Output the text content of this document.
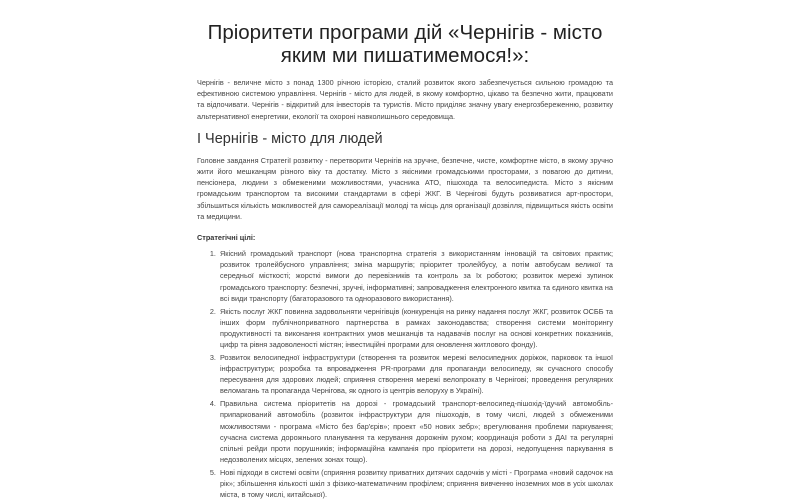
Пріоритети програми дій «Чернігів - місто яким ми пишатимемося!»:

Чернігів - величне місто з понад 1300 річною історією, сталий розвиток якого забезпечується сильною громадою та ефективною системою управління. Чернігів - місто для людей, в якому комфортно, цікаво та безпечно жити, працювати та відпочивати. Чернігів - відкритий для інвесторів та туристів. Місто приділяє значну увагу енергозбереженню, розвитку альтернативної енергетики, екології та охороні навколишнього середовища.

І Чернігів - місто для людей

Головне завдання Стратегії розвитку - перетворити Чернігів на зручне, безпечне, чисте, комфортне місто, в якому зручно жити його мешканцям різного віку та достатку. Місто з якісними громадськими просторами, з повагою до дитини, пенсіонера, людини з обмеженими можливостями, учасника АТО, пішохода та велосипедиста. Місто з якісним громадським транспортом та високими стандартами в сфері ЖКГ. В Чернігові будуть розвиватися арт-простори, збільшиться кількість можливостей для самореалізації молоді та місць для організації дозвілля, підвищиться якість освіти та медицини.

Стратегічні цілі:

1. Якісний громадський транспорт (нова транспортна стратегія з використанням інновацій та світових практик; розвиток тролейбусного управління; зміна маршрутів; пріоритет тролейбусу, а потім автобусам великої та середньої місткості; жорсткі вимоги до перевізників та контроль за їх роботою; розвиток мережі зупинок громадського транспорту: безпечні, зручні, інформативні; запровадження електронного квитка та єдиного квитка на всі види транспорту (багаторазового та одноразового використання).
2. Якість послуг ЖКГ повинна задовольняти чернігівців (конкуренція на ринку надання послуг ЖКГ, розвиток ОСББ та інших форм публічноприватного партнерства в рамках законодавства; створення системи моніторингу продуктивності та виконання контрактних умов мешканців та надавачів послуг на основі конкретних показників, цифр та рівня задоволеності містян; інвестиційні програми для оновлення житлового фонду).
3. Розвиток велосипедної інфраструктури (створення та розвиток мережі велосипедних доріжок, парковок та іншої інфраструктури; розробка та впровадження PR-програми для пропаганди велосипеду, як сучасного способу пересування для здорових людей; сприяння створення мережі велопрокату в Чернігові; проведення регулярних веломагань та пропаганда Чернігова, як одного із центрів велоруху в Україні).
4. Правильна система пріоритетів на дорозі - громадський транспорт-велосипед-пішохід-їдучий автомобіль-припаркований автомобіль (розвиток інфраструктури для пішоходів, в тому числі, людей з обмеженими можливостями - програма «Місто без бар'єрів»; проект «50 нових зебр»; врегулювання проблеми паркування; сучасна система дорожнього планування та керування дорожнім рухом; координація роботи з ДАІ та регулярні спільні рейди проти порушників; інформаційна кампанія про пріоритети на дорозі, недопущення паркування в недозволених місцях, зелених зонах тощо).
5. Нові підходи в системі освіти (сприяння розвитку приватних дитячих садочків у місті - Програма «новий садочок на рік»; збільшення кількості шкіл з фізико-математичним профілем; сприяння вивченню іноземних мов в усіх школах міста, в тому числі, китайської).
